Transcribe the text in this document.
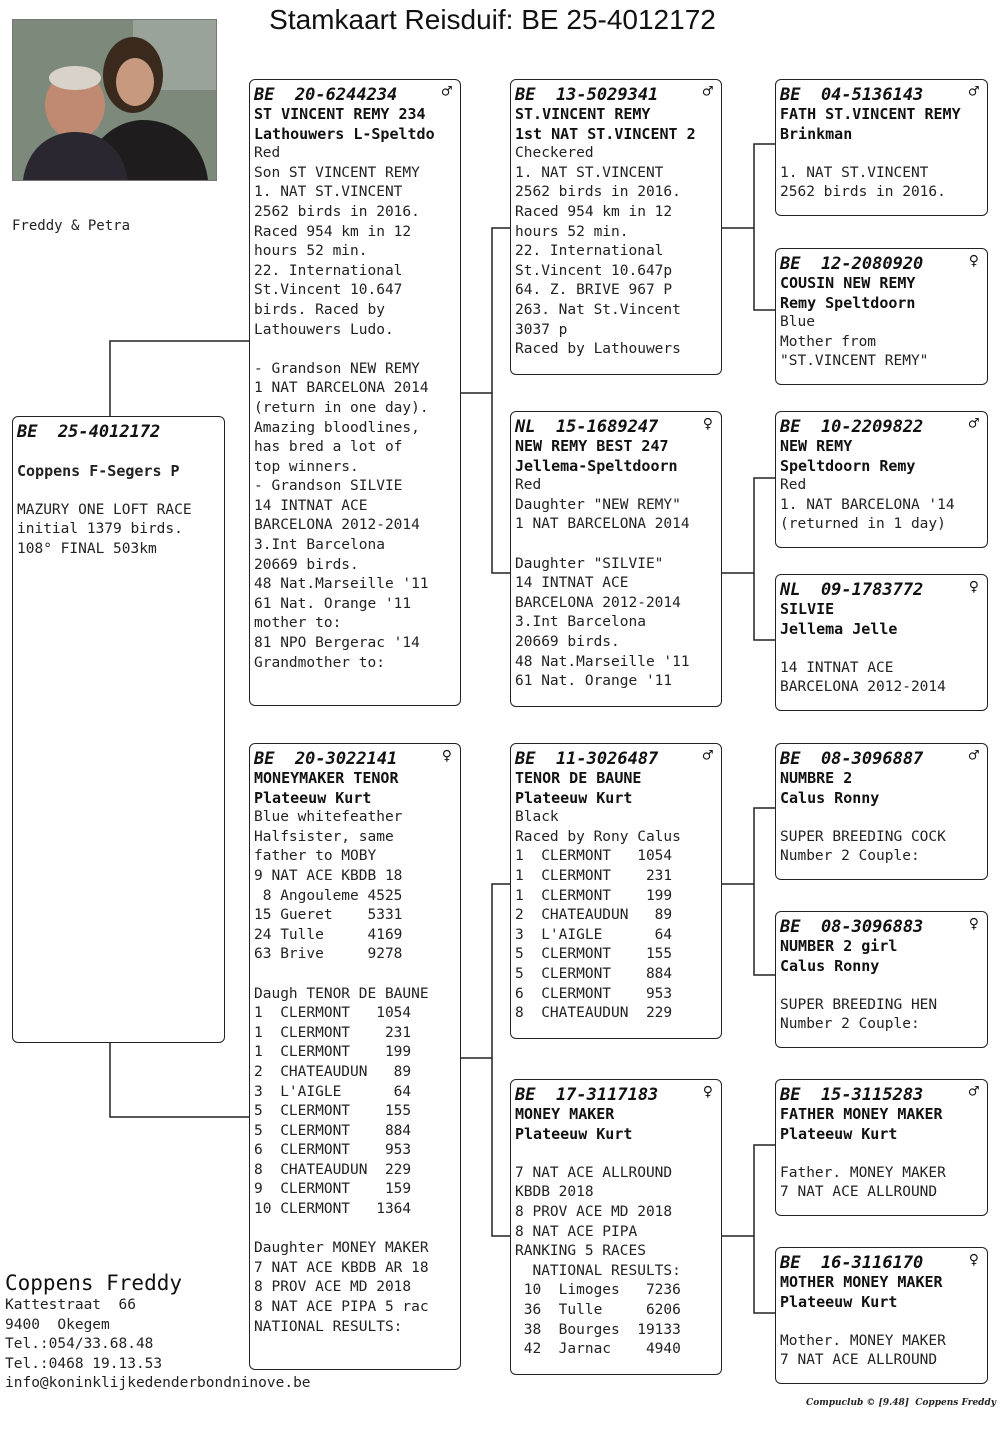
Stamkaart Reisduif: BE 25-4012172
Freddy & Petra
BE  25-4012172
Coppens F-Segers P
MAZURY ONE LOFT RACE
initial 1379 birds.
108° FINAL 503km
BE  20-6244234	♂
ST VINCENT REMY 234
Lathouwers L-Speltdo
Red
Son ST VINCENT REMY
1. NAT ST.VINCENT
2562 birds in 2016.
Raced 954 km in 12
hours 52 min.
22. International
St.Vincent 10.647
birds. Raced by
Lathouwers Ludo.
- Grandson NEW REMY
1 NAT BARCELONA 2014
(return in one day).
Amazing bloodlines,
has bred a lot of
top winners.
- Grandson SILVIE
14 INTNAT ACE
BARCELONA 2012-2014
3.Int Barcelona
20669 birds.
48 Nat.Marseille '11
61 Nat. Orange '11
mother to:
81 NPO Bergerac '14
Grandmother to:
BE  20-3022141	♀
MONEYMAKER TENOR
Plateeuw Kurt
Blue whitefeather
Halfsister, same
father to MOBY
9 NAT ACE KBDB 18
8 Angouleme 4525
15 Gueret    5331
24 Tulle     4169
63 Brive     9278
Daugh TENOR DE BAUNE
1  CLERMONT   1054
1  CLERMONT    231
1  CLERMONT    199
2  CHATEAUDUN   89
3  L'AIGLE      64
5  CLERMONT    155
5  CLERMONT    884
6  CLERMONT    953
8  CHATEAUDUN  229
9  CLERMONT    159
10 CLERMONT   1364
Daughter MONEY MAKER
7 NAT ACE KBDB AR 18
8 PROV ACE MD 2018
8 NAT ACE PIPA 5 rac
NATIONAL RESULTS:
BE  13-5029341	♂
ST.VINCENT REMY
1st NAT ST.VINCENT 2
Checkered
1. NAT ST.VINCENT
2562 birds in 2016.
Raced 954 km in 12
hours 52 min.
22. International
St.Vincent 10.647p
64. Z. BRIVE 967 P
263. Nat St.Vincent
3037 p
Raced by Lathouwers
NL  15-1689247	♀
NEW REMY BEST 247
Jellema-Speltdoorn
Red
Daughter "NEW REMY"
1 NAT BARCELONA 2014
Daughter "SILVIE"
14 INTNAT ACE
BARCELONA 2012-2014
3.Int Barcelona
20669 birds.
48 Nat.Marseille '11
61 Nat. Orange '11
BE  11-3026487	♂
TENOR DE BAUNE
Plateeuw Kurt
Black
Raced by Rony Calus
1  CLERMONT   1054
1  CLERMONT    231
1  CLERMONT    199
2  CHATEAUDUN   89
3  L'AIGLE      64
5  CLERMONT    155
5  CLERMONT    884
6  CLERMONT    953
8  CHATEAUDUN  229
BE  17-3117183	♀
MONEY MAKER
Plateeuw Kurt
7 NAT ACE ALLROUND
KBDB 2018
8 PROV ACE MD 2018
8 NAT ACE PIPA
RANKING 5 RACES
NATIONAL RESULTS:
10  Limoges   7236
36  Tulle     6206
38  Bourges  19133
42  Jarnac    4940
BE  04-5136143	♂
FATH ST.VINCENT REMY
Brinkman
1. NAT ST.VINCENT
2562 birds in 2016.
BE  12-2080920	♀
COUSIN NEW REMY
Remy Speltdoorn
Blue
Mother from
"ST.VINCENT REMY"
BE  10-2209822	♂
NEW REMY
Speltdoorn Remy
Red
1. NAT BARCELONA '14
(returned in 1 day)
NL  09-1783772	♀
SILVIE
Jellema Jelle
14 INTNAT ACE
BARCELONA 2012-2014
BE  08-3096887	♂
NUMBRE 2
Calus Ronny
SUPER BREEDING COCK
Number 2 Couple:
BE  08-3096883	♀
NUMBER 2 girl
Calus Ronny
SUPER BREEDING HEN
Number 2 Couple:
BE  15-3115283	♂
FATHER MONEY MAKER
Plateeuw Kurt
Father. MONEY MAKER
7 NAT ACE ALLROUND
BE  16-3116170	♀
MOTHER MONEY MAKER
Plateeuw Kurt
Mother. MONEY MAKER
7 NAT ACE ALLROUND
Coppens Freddy
Kattestraat  66
9400  Okegem
Tel.:054/33.68.48
Tel.:0468 19.13.53
info@koninklijkedenderbondninove.be
Compuclub © [9.48]  Coppens Freddy
